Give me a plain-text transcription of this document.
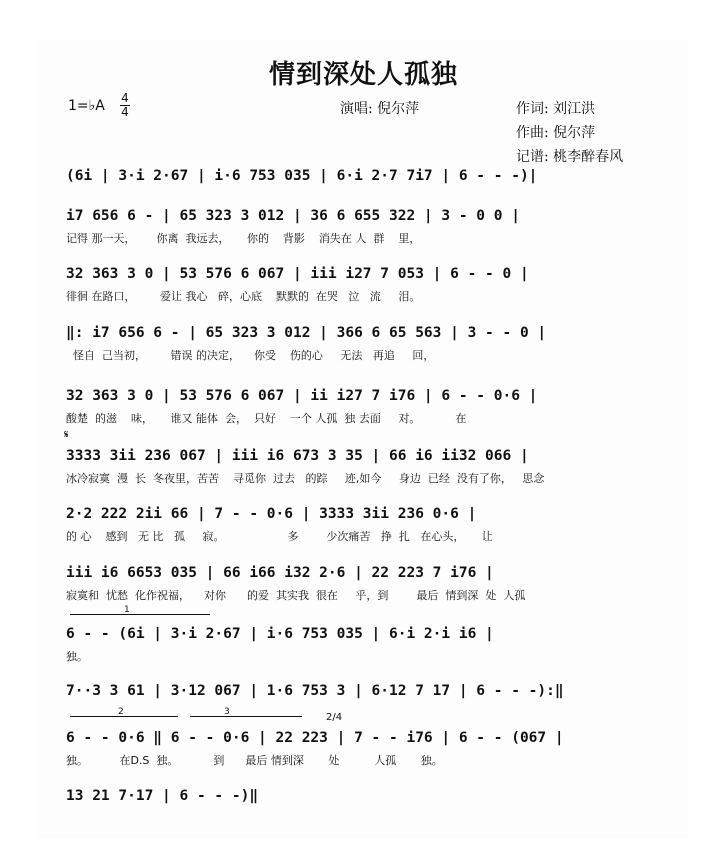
情到深处人孤独
1=♭A 4
4	演唱: 倪尔萍	作词: 刘江洪
作曲: 倪尔萍
记谱: 桃李醉春风
(6i | 3·i 2·67 | i·6 753 035 | 6·i 2·7 7i7 | 6 - - -)|
i7 656 6 - | 65 323 3 012 | 36 6 655 322 | 3 - 0 0 |
记得 那一天，      你离  我远去，     你的    背影    消失在 人  群    里，
32 363 3 0 | 53 576 6 067 | iii i27 7 053 | 6 - - 0 |
徘徊 在路口，       爱让 我心   碎，心底    默默的  在哭   泣   流     泪。
‖: i7 656 6 - | 65 323 3 012 | 366 6 65 563 | 3 - - 0 |
怪自  己当初，       错误 的决定，    你受    伤的心     无法   再追     回，
32 363 3 0 | 53 576 6 067 | ii i27 7 i76 | 6 - - 0·6 |
酸楚  的滋    味，     谁又 能体  会，  只好    一个 人孤  独 去面     对。          在
𝄋
3333 3ii 236 067 | iii i6 673 3 35 | 66 i6 ii32 066 |
冰冷寂寞  漫  长  冬夜里，苦苦    寻觅你  过去   的踪     迹,如今     身边  已经  没有了你，   思念
2·2 222 2ii 66 | 7 - - 0·6 | 3333 3ii 236 0·6 |
的 心    感到   无 比   孤     寂。                  多        少次痛苦   挣  扎   在心头，     让
iii i6 6653 035 | 66 i66 i32 2·6 | 22 223 7 i76 |
寂寞和  忧愁  化作祝福，    对你      的爱  其实我  很在     乎，到        最后  情到深  处  人孤
1
6 - - (6i | 3·i 2·67 | i·6 753 035 | 6·i 2·i i6 |
独。
7··3 3 61 | 3·12 067 | 1·6 753 3 | 6·12 7 17 | 6 - - -):‖
2	3	2/4
6 - - 0·6 ‖ 6 - - 0·6 | 22 223 | 7 - - i76 | 6 - - (067 |
独。         在D.S  独。          到      最后 情到深       处          人孤       独。
13 21 7·17 | 6 - - -)‖
